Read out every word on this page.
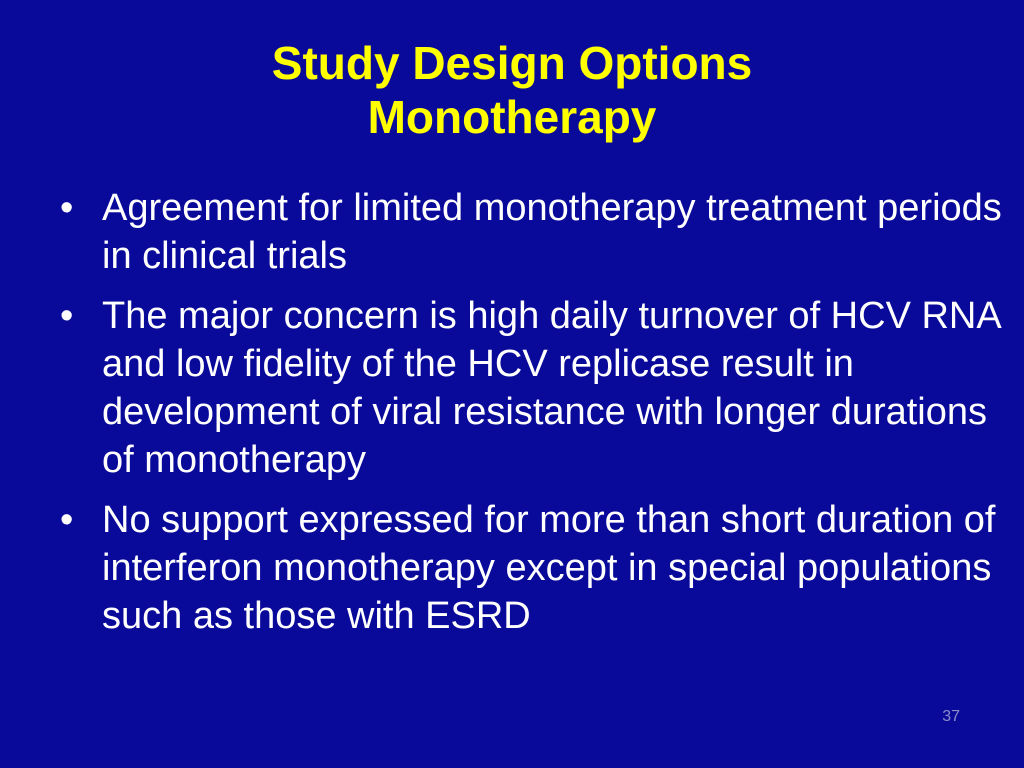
Study Design Options
Monotherapy
• Agreement for limited monotherapy treatment periods in clinical trials
• The major concern is high daily turnover of HCV RNA and low fidelity of the HCV replicase result in development of viral resistance with longer durations of monotherapy
• No support expressed for more than short duration of interferon monotherapy except in special populations such as those with ESRD
37
